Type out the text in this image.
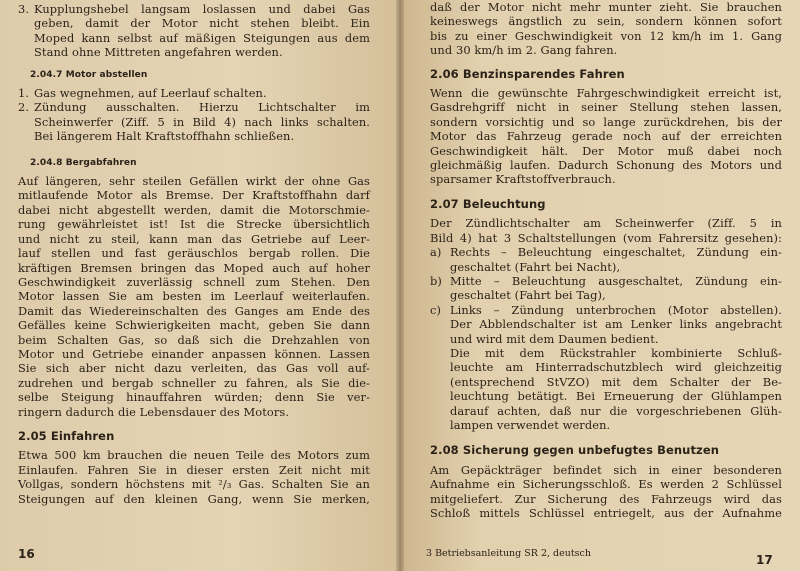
3. Kupplungshebel langsam loslassen und dabei Gas
geben, damit der Motor nicht stehen bleibt. Ein
Moped kann selbst auf mäßigen Steigungen aus dem
Stand ohne Mittreten angefahren werden.
2.04.7 Motor abstellen
1. Gas wegnehmen, auf Leerlauf schalten.
2. Zündung ausschalten. Hierzu Lichtschalter im
Scheinwerfer (Ziff. 5 in Bild 4) nach links schalten.
Bei längerem Halt Kraftstoffhahn schließen.
2.04.8 Bergabfahren
Auf längeren, sehr steilen Gefällen wirkt der ohne Gas
mitlaufende Motor als Bremse. Der Kraftstoffhahn darf
dabei nicht abgestellt werden, damit die Motorschmie-
rung gewährleistet ist! Ist die Strecke übersichtlich
und nicht zu steil, kann man das Getriebe auf Leer-
lauf stellen und fast geräuschlos bergab rollen. Die
kräftigen Bremsen bringen das Moped auch auf hoher
Geschwindigkeit zuverlässig schnell zum Stehen. Den
Motor lassen Sie am besten im Leerlauf weiterlaufen.
Damit das Wiedereinschalten des Ganges am Ende des
Gefälles keine Schwierigkeiten macht, geben Sie dann
beim Schalten Gas, so daß sich die Drehzahlen von
Motor und Getriebe einander anpassen können. Lassen
Sie sich aber nicht dazu verleiten, das Gas voll auf-
zudrehen und bergab schneller zu fahren, als Sie die-
selbe Steigung hinauffahren würden; denn Sie ver-
ringern dadurch die Lebensdauer des Motors.
2.05 Einfahren
Etwa 500 km brauchen die neuen Teile des Motors zum
Einlaufen. Fahren Sie in dieser ersten Zeit nicht mit
Vollgas, sondern höchstens mit ²/₃ Gas. Schalten Sie an
Steigungen auf den kleinen Gang, wenn Sie merken,
16
daß der Motor nicht mehr munter zieht. Sie brauchen
keineswegs ängstlich zu sein, sondern können sofort
bis zu einer Geschwindigkeit von 12 km/h im 1. Gang
und 30 km/h im 2. Gang fahren.
2.06 Benzinsparendes Fahren
Wenn die gewünschte Fahrgeschwindigkeit erreicht ist,
Gasdrehgriff nicht in seiner Stellung stehen lassen,
sondern vorsichtig und so lange zurückdrehen, bis der
Motor das Fahrzeug gerade noch auf der erreichten
Geschwindigkeit hält. Der Motor muß dabei noch
gleichmäßig laufen. Dadurch Schonung des Motors und
sparsamer Kraftstoffverbrauch.
2.07 Beleuchtung
Der Zündlichtschalter am Scheinwerfer (Ziff. 5 in
Bild 4) hat 3 Schaltstellungen (vom Fahrersitz gesehen):
a) Rechts – Beleuchtung eingeschaltet, Zündung ein-
geschaltet (Fahrt bei Nacht),
b) Mitte – Beleuchtung ausgeschaltet, Zündung ein-
geschaltet (Fahrt bei Tag),
c) Links – Zündung unterbrochen (Motor abstellen).
Der Abblendschalter ist am Lenker links angebracht
und wird mit dem Daumen bedient.
Die mit dem Rückstrahler kombinierte Schluß-
leuchte am Hinterradschutzblech wird gleichzeitig
(entsprechend StVZO) mit dem Schalter der Be-
leuchtung betätigt. Bei Erneuerung der Glühlampen
darauf achten, daß nur die vorgeschriebenen Glüh-
lampen verwendet werden.
2.08 Sicherung gegen unbefugtes Benutzen
Am Gepäckträger befindet sich in einer besonderen
Aufnahme ein Sicherungsschloß. Es werden 2 Schlüssel
mitgeliefert. Zur Sicherung des Fahrzeugs wird das
Schloß mittels Schlüssel entriegelt, aus der Aufnahme
3 Betriebsanleitung SR 2, deutsch	17
